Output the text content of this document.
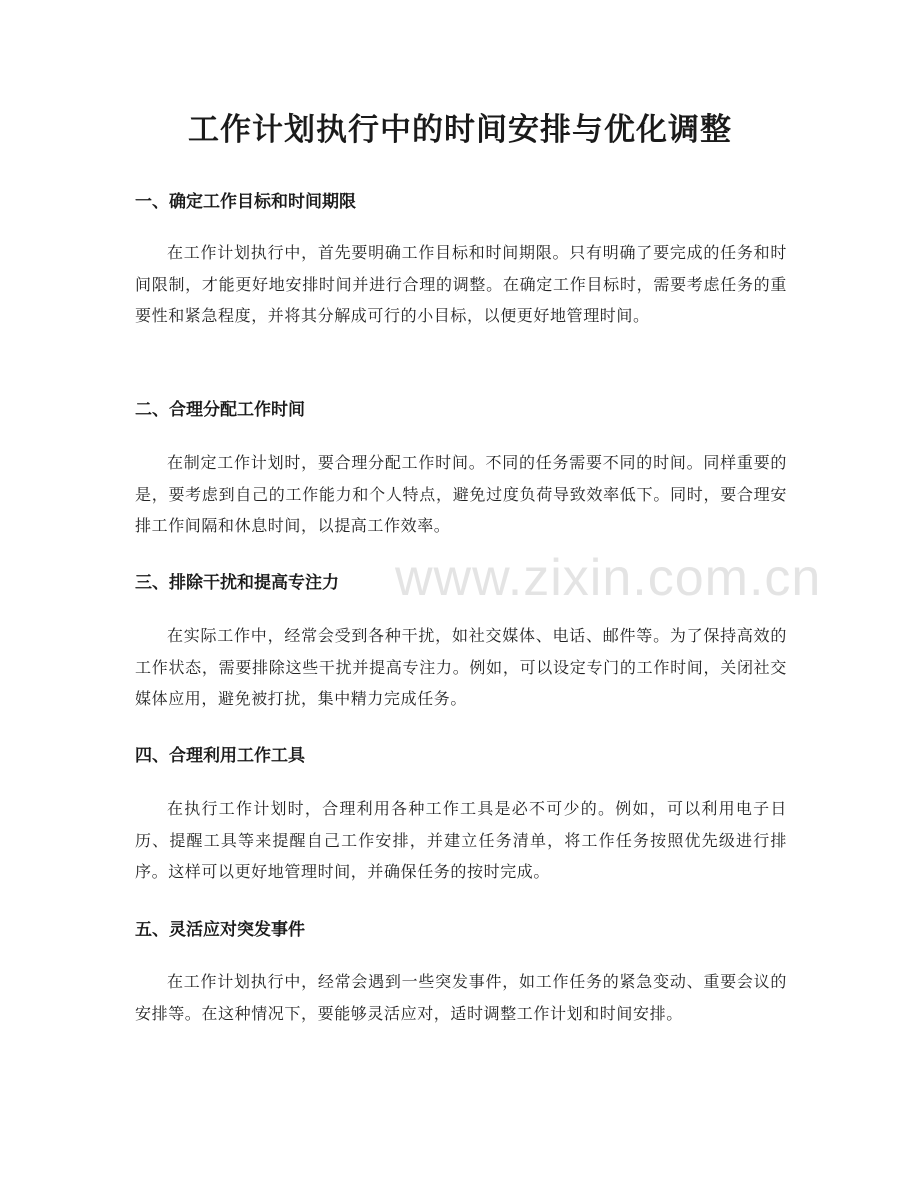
工作计划执行中的时间安排与优化调整
一、确定工作目标和时间期限

在工作计划执行中，首先要明确工作目标和时间期限。只有明确了要完成的任务和时间限制，才能更好地安排时间并进行合理的调整。在确定工作目标时，需要考虑任务的重要性和紧急程度，并将其分解成可行的小目标，以便更好地管理时间。

二、合理分配工作时间

在制定工作计划时，要合理分配工作时间。不同的任务需要不同的时间。同样重要的是，要考虑到自己的工作能力和个人特点，避免过度负荷导致效率低下。同时，要合理安排工作间隔和休息时间，以提高工作效率。

三、排除干扰和提高专注力

在实际工作中，经常会受到各种干扰，如社交媒体、电话、邮件等。为了保持高效的工作状态，需要排除这些干扰并提高专注力。例如，可以设定专门的工作时间，关闭社交媒体应用，避免被打扰，集中精力完成任务。

四、合理利用工作工具

在执行工作计划时，合理利用各种工作工具是必不可少的。例如，可以利用电子日历、提醒工具等来提醒自己工作安排，并建立任务清单，将工作任务按照优先级进行排序。这样可以更好地管理时间，并确保任务的按时完成。

五、灵活应对突发事件

在工作计划执行中，经常会遇到一些突发事件，如工作任务的紧急变动、重要会议的安排等。在这种情况下，要能够灵活应对，适时调整工作计划和时间安排。

www.zixin.com.cn
